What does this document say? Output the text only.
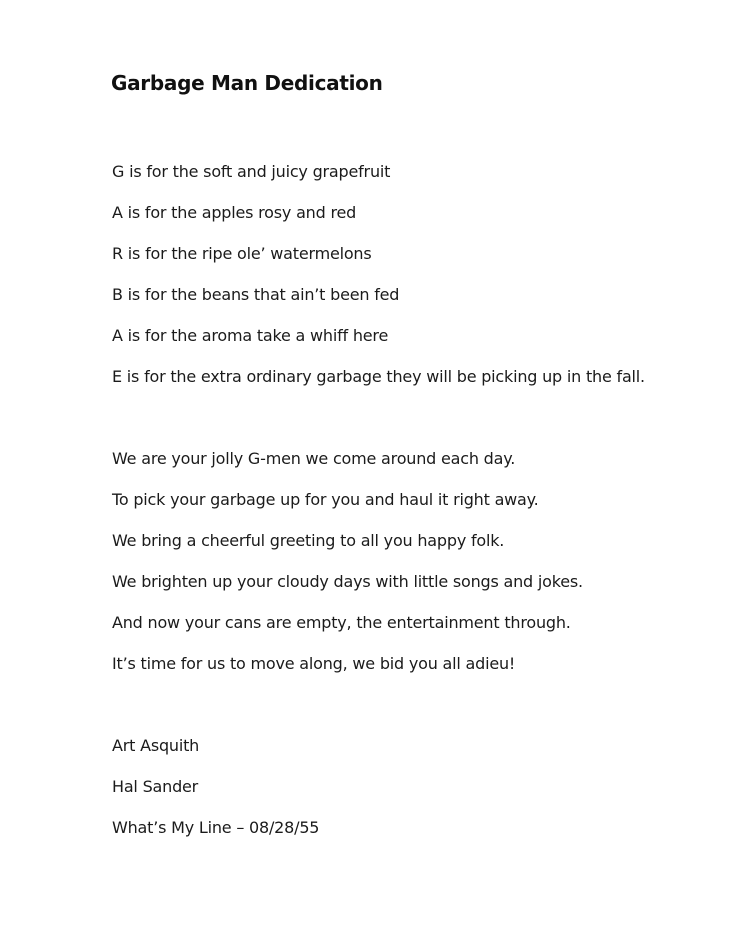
Garbage Man Dedication
G is for the soft and juicy grapefruit
A is for the apples rosy and red
R is for the ripe ole’ watermelons
B is for the beans that ain’t been fed
A is for the aroma take a whiff here
E is for the extra ordinary garbage they will be picking up in the fall.
We are your jolly G-men we come around each day.
To pick your garbage up for you and haul it right away.
We bring a cheerful greeting to all you happy folk.
We brighten up your cloudy days with little songs and jokes.
And now your cans are empty, the entertainment through.
It’s time for us to move along, we bid you all adieu!
Art Asquith
Hal Sander
What’s My Line – 08/28/55
